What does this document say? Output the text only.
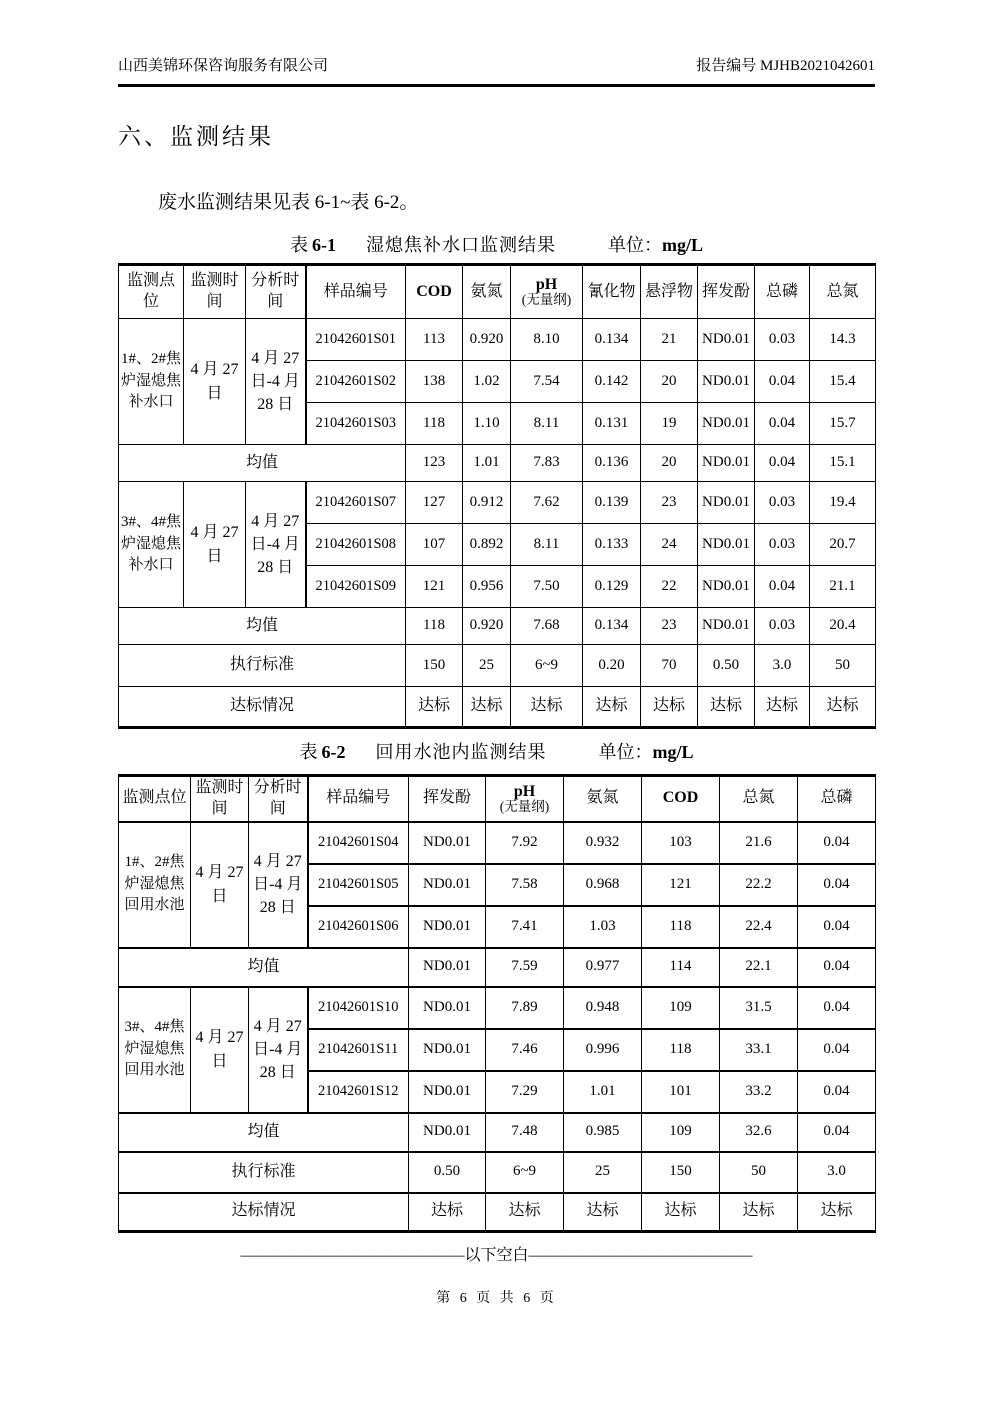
山西美锦环保咨询服务有限公司	报告编号 MJHB2021042601
六、监测结果
废水监测结果见表 6-1~表 6-2。
表 6-1 湿熄焦补水口监测结果	单位：mg/L
监测点位	监测时间	分析时间	样品编号	COD	氨氮	pH
(无量纲)	氰化物	悬浮物	挥发酚	总磷	总氮
1#、2#焦炉湿熄焦补水口	4 月 27 日	4 月 27 日-4 月 28 日	21042601S01	113	0.920	8.10	0.134	21	ND0.01	0.03	14.3
			21042601S02	138	1.02	7.54	0.142	20	ND0.01	0.04	15.4
			21042601S03	118	1.10	8.11	0.131	19	ND0.01	0.04	15.7
均值				123	1.01	7.83	0.136	20	ND0.01	0.04	15.1
3#、4#焦炉湿熄焦补水口	4 月 27 日	4 月 27 日-4 月 28 日	21042601S07	127	0.912	7.62	0.139	23	ND0.01	0.03	19.4
			21042601S08	107	0.892	8.11	0.133	24	ND0.01	0.03	20.7
			21042601S09	121	0.956	7.50	0.129	22	ND0.01	0.04	21.1
均值				118	0.920	7.68	0.134	23	ND0.01	0.03	20.4
执行标准				150	25	6~9	0.20	70	0.50	3.0	50
达标情况				达标	达标	达标	达标	达标	达标	达标	达标
表 6-2 回用水池内监测结果	单位：mg/L
监测点位	监测时间	分析时间	样品编号	挥发酚	pH
(无量纲)	氨氮	COD	总氮	总磷
1#、2#焦炉湿熄焦回用水池	4 月 27 日	4 月 27 日-4 月 28 日	21042601S04	ND0.01	7.92	0.932	103	21.6	0.04
			21042601S05	ND0.01	7.58	0.968	121	22.2	0.04
			21042601S06	ND0.01	7.41	1.03	118	22.4	0.04
均值				ND0.01	7.59	0.977	114	22.1	0.04
3#、4#焦炉湿熄焦回用水池	4 月 27 日	4 月 27 日-4 月 28 日	21042601S10	ND0.01	7.89	0.948	109	31.5	0.04
			21042601S11	ND0.01	7.46	0.996	118	33.1	0.04
			21042601S12	ND0.01	7.29	1.01	101	33.2	0.04
均值				ND0.01	7.48	0.985	109	32.6	0.04
执行标准				0.50	6~9	25	150	50	3.0
达标情况				达标	达标	达标	达标	达标	达标
——————————————以下空白——————————————
第 6 页 共 6 页
